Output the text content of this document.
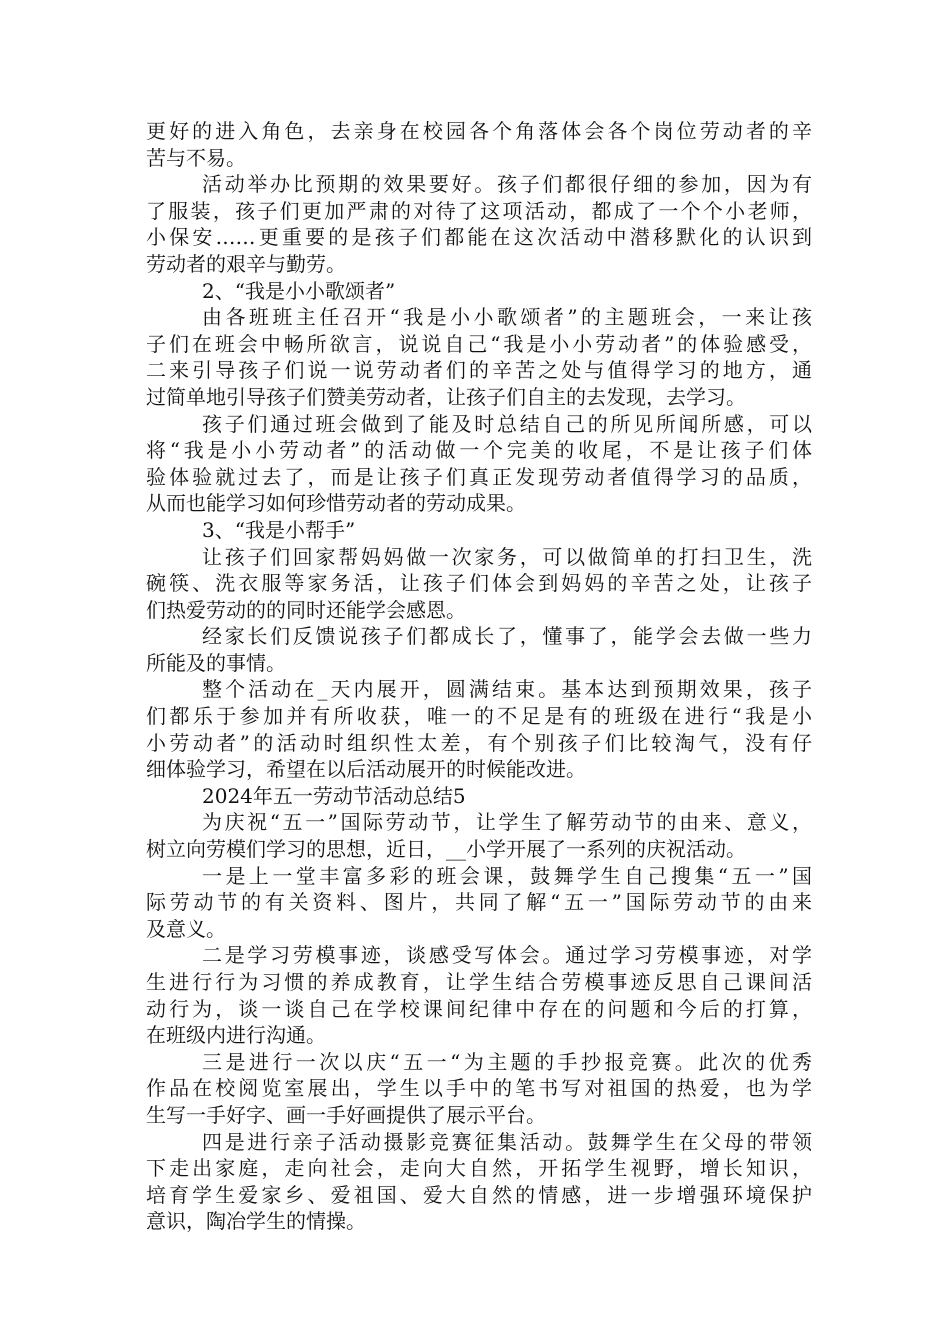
更好的进入角色，去亲身在校园各个角落体会各个岗位劳动者的辛
苦与不易。
活动举办比预期的效果要好。孩子们都很仔细的参加，因为有
了服装，孩子们更加严肃的对待了这项活动，都成了一个个小老师，
小保安……更重要的是孩子们都能在这次活动中潜移默化的认识到
劳动者的艰辛与勤劳。
2、“我是小小歌颂者”
由各班班主任召开“我是小小歌颂者”的主题班会，一来让孩
子们在班会中畅所欲言，说说自己“我是小小劳动者”的体验感受，
二来引导孩子们说一说劳动者们的辛苦之处与值得学习的地方，通
过简单地引导孩子们赞美劳动者，让孩子们自主的去发现，去学习。
孩子们通过班会做到了能及时总结自己的所见所闻所感，可以
将“我是小小劳动者”的活动做一个完美的收尾，不是让孩子们体
验体验就过去了，而是让孩子们真正发现劳动者值得学习的品质，
从而也能学习如何珍惜劳动者的劳动成果。
3、“我是小帮手”
让孩子们回家帮妈妈做一次家务，可以做简单的打扫卫生，洗
碗筷、洗衣服等家务活，让孩子们体会到妈妈的辛苦之处，让孩子
们热爱劳动的的同时还能学会感恩。
经家长们反馈说孩子们都成长了，懂事了，能学会去做一些力
所能及的事情。
整个活动在_天内展开，圆满结束。基本达到预期效果，孩子
们都乐于参加并有所收获，唯一的不足是有的班级在进行“我是小
小劳动者”的活动时组织性太差，有个别孩子们比较淘气，没有仔
细体验学习，希望在以后活动展开的时候能改进。
2024年五一劳动节活动总结5
为庆祝“五一”国际劳动节，让学生了解劳动节的由来、意义，
树立向劳模们学习的思想，近日，__小学开展了一系列的庆祝活动。
一是上一堂丰富多彩的班会课，鼓舞学生自己搜集“五一”国
际劳动节的有关资料、图片，共同了解“五一”国际劳动节的由来
及意义。
二是学习劳模事迹，谈感受写体会。通过学习劳模事迹，对学
生进行行为习惯的养成教育，让学生结合劳模事迹反思自己课间活
动行为，谈一谈自己在学校课间纪律中存在的问题和今后的打算，
在班级内进行沟通。
三是进行一次以庆“五一“为主题的手抄报竞赛。此次的优秀
作品在校阅览室展出，学生以手中的笔书写对祖国的热爱，也为学
生写一手好字、画一手好画提供了展示平台。
四是进行亲子活动摄影竞赛征集活动。鼓舞学生在父母的带领
下走出家庭，走向社会，走向大自然，开拓学生视野，增长知识，
培育学生爱家乡、爱祖国、爱大自然的情感，进一步增强环境保护
意识，陶冶学生的情操。
